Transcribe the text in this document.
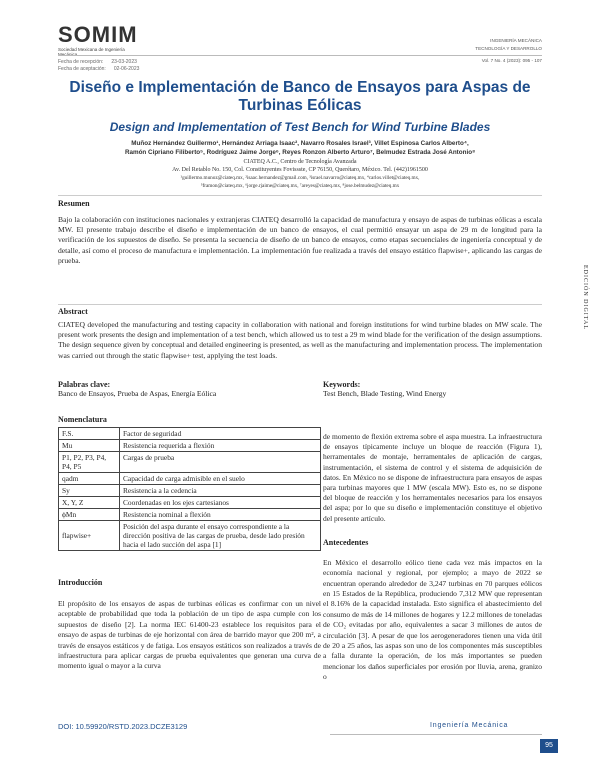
SOMIM
Sociedad Mexicana de Ingeniería
Fecha de recepción: 23-03-2023
Fecha de aceptación: 02-06-2023
INGENIERÍA MECÁNICA
TECNOLOGÍA Y DESARROLLO
Vol. 7 No. 4 (2023): 095 - 107
Diseño e Implementación de Banco de Ensayos para Aspas de Turbinas Eólicas
Design and Implementation of Test Bench for Wind Turbine Blades
Muñoz Hernández Guillermo¹, Hernández Arriaga Isaac², Navarro Rosales Israel³, Villet Espinosa Carlos Alberto⁴,
Ramón Cipriano Filiberto⁵, Rodríguez Jaime Jorge⁶, Reyes Ronzon Alberto Arturo⁷, Belmudez Estrada José Antonio⁸
CIATEQ A.C., Centro de Tecnología Avanzada
Av. Del Retablo No. 150, Col. Constituyentes Fovissste, CP 76150, Querétaro, México. Tel. (442)1961500
¹guillermo.munoz@ciateq.mx, ²isaac.hernandez@gmail.com, ³israel.navarro@ciateq.mx, ⁴carlos.villet@ciateq.mx,
⁵framon@ciateq.mx, ⁶jorge.rjaime@ciateq.mx, ⁷areyes@ciateq.mx, ⁸jose.belmudez@ciateq.mx
Resumen
Bajo la colaboración con instituciones nacionales y extranjeras CIATEQ desarrolló la capacidad de manufactura y ensayo de aspas de turbinas eólicas a escala MW. El presente trabajo describe el diseño e implementación de un banco de ensayos, el cual permitió ensayar un aspa de 29 m de longitud para la verificación de los supuestos de diseño. Se presenta la secuencia de diseño de un banco de ensayos, como etapas secuenciales de ingeniería conceptual y de detalle, así como el proceso de manufactura e implementación. La implementación fue realizada a través del ensayo estático flapwise+, aplicando las cargas de prueba.
Abstract
CIATEQ developed the manufacturing and testing capacity in collaboration with national and foreign institutions for wind turbine blades on MW scale. The present work presents the design and implementation of a test bench, which allowed us to test a 29 m wind blade for the verification of the design assumptions. The design sequence given by conceptual and detailed engineering is presented, as well as the manufacturing and implementation process. The implementation was carried out through the static flapwise+ test, applying the test loads.
Palabras clave:
Banco de Ensayos, Prueba de Aspas, Energía Eólica
Keywords:
Test Bench, Blade Testing, Wind Energy
Nomenclatura
F.S.	Factor de seguridad
Mu	Resistencia requerida a flexión
P1, P2, P3, P4, P4, P5	Cargas de prueba
qadm	Capacidad de carga admisible en el suelo
Sy	Resistencia a la cedencia
X, Y, Z	Coordenadas en los ejes cartesianos
ϕMn	Resistencia nominal a flexión
flapwise+	Posición del aspa durante el ensayo correspondiente a la dirección positiva de las cargas de prueba, desde lado presión hacia el lado succión del aspa [1]
Introducción
El propósito de los ensayos de aspas de turbinas eólicas es confirmar con un nivel aceptable de probabilidad que toda la población de un tipo de aspa cumple con los supuestos de diseño [2]. La norma IEC 61400-23 establece los requisitos para el ensayo de aspas de turbinas de eje horizontal con área de barrido mayor que 200 m², a través de ensayos estáticos y de fatiga. Los ensayos estáticos son realizados a través de infraestructura para aplicar cargas de prueba equivalentes que generan una curva de momento igual o mayor a la curva
de momento de flexión extrema sobre el aspa muestra. La infraestructura de ensayos típicamente incluye un bloque de reacción (Figura 1), herramentales de montaje, herramentales de aplicación de cargas, instrumentación, el sistema de control y el sistema de adquisición de datos. En México no se dispone de infraestructura para ensayos de aspas para turbinas mayores que 1 MW (escala MW). Esto es, no se dispone del bloque de reacción y los herramentales necesarios para los ensayos del aspa; por lo que su diseño e implementación constituye el objetivo del presente artículo.
Antecedentes
En México el desarrollo eólico tiene cada vez más impactos en la economía nacional y regional, por ejemplo; a mayo de 2022 se encuentran operando alrededor de 3,247 turbinas en 70 parques eólicos en 15 Estados de la República, produciendo 7,312 MW que representan el 8.16% de la capacidad instalada. Esto significa el abastecimiento del consumo de más de 14 millones de hogares y 12.2 millones de toneladas de CO₂ evitadas por año, equivalentes a sacar 3 millones de autos de circulación [3]. A pesar de que los aerogeneradores tienen una vida útil de 20 a 25 años, las aspas son uno de los componentes más susceptibles a falla durante la operación, de los más importantes se pueden mencionar los daños superficiales por erosión por lluvia, arena, granizo o
EDICIÓN DIGITAL
DOI: 10.59920/RSTD.2023.DCZE3129	Ingeniería Mecánica
95
